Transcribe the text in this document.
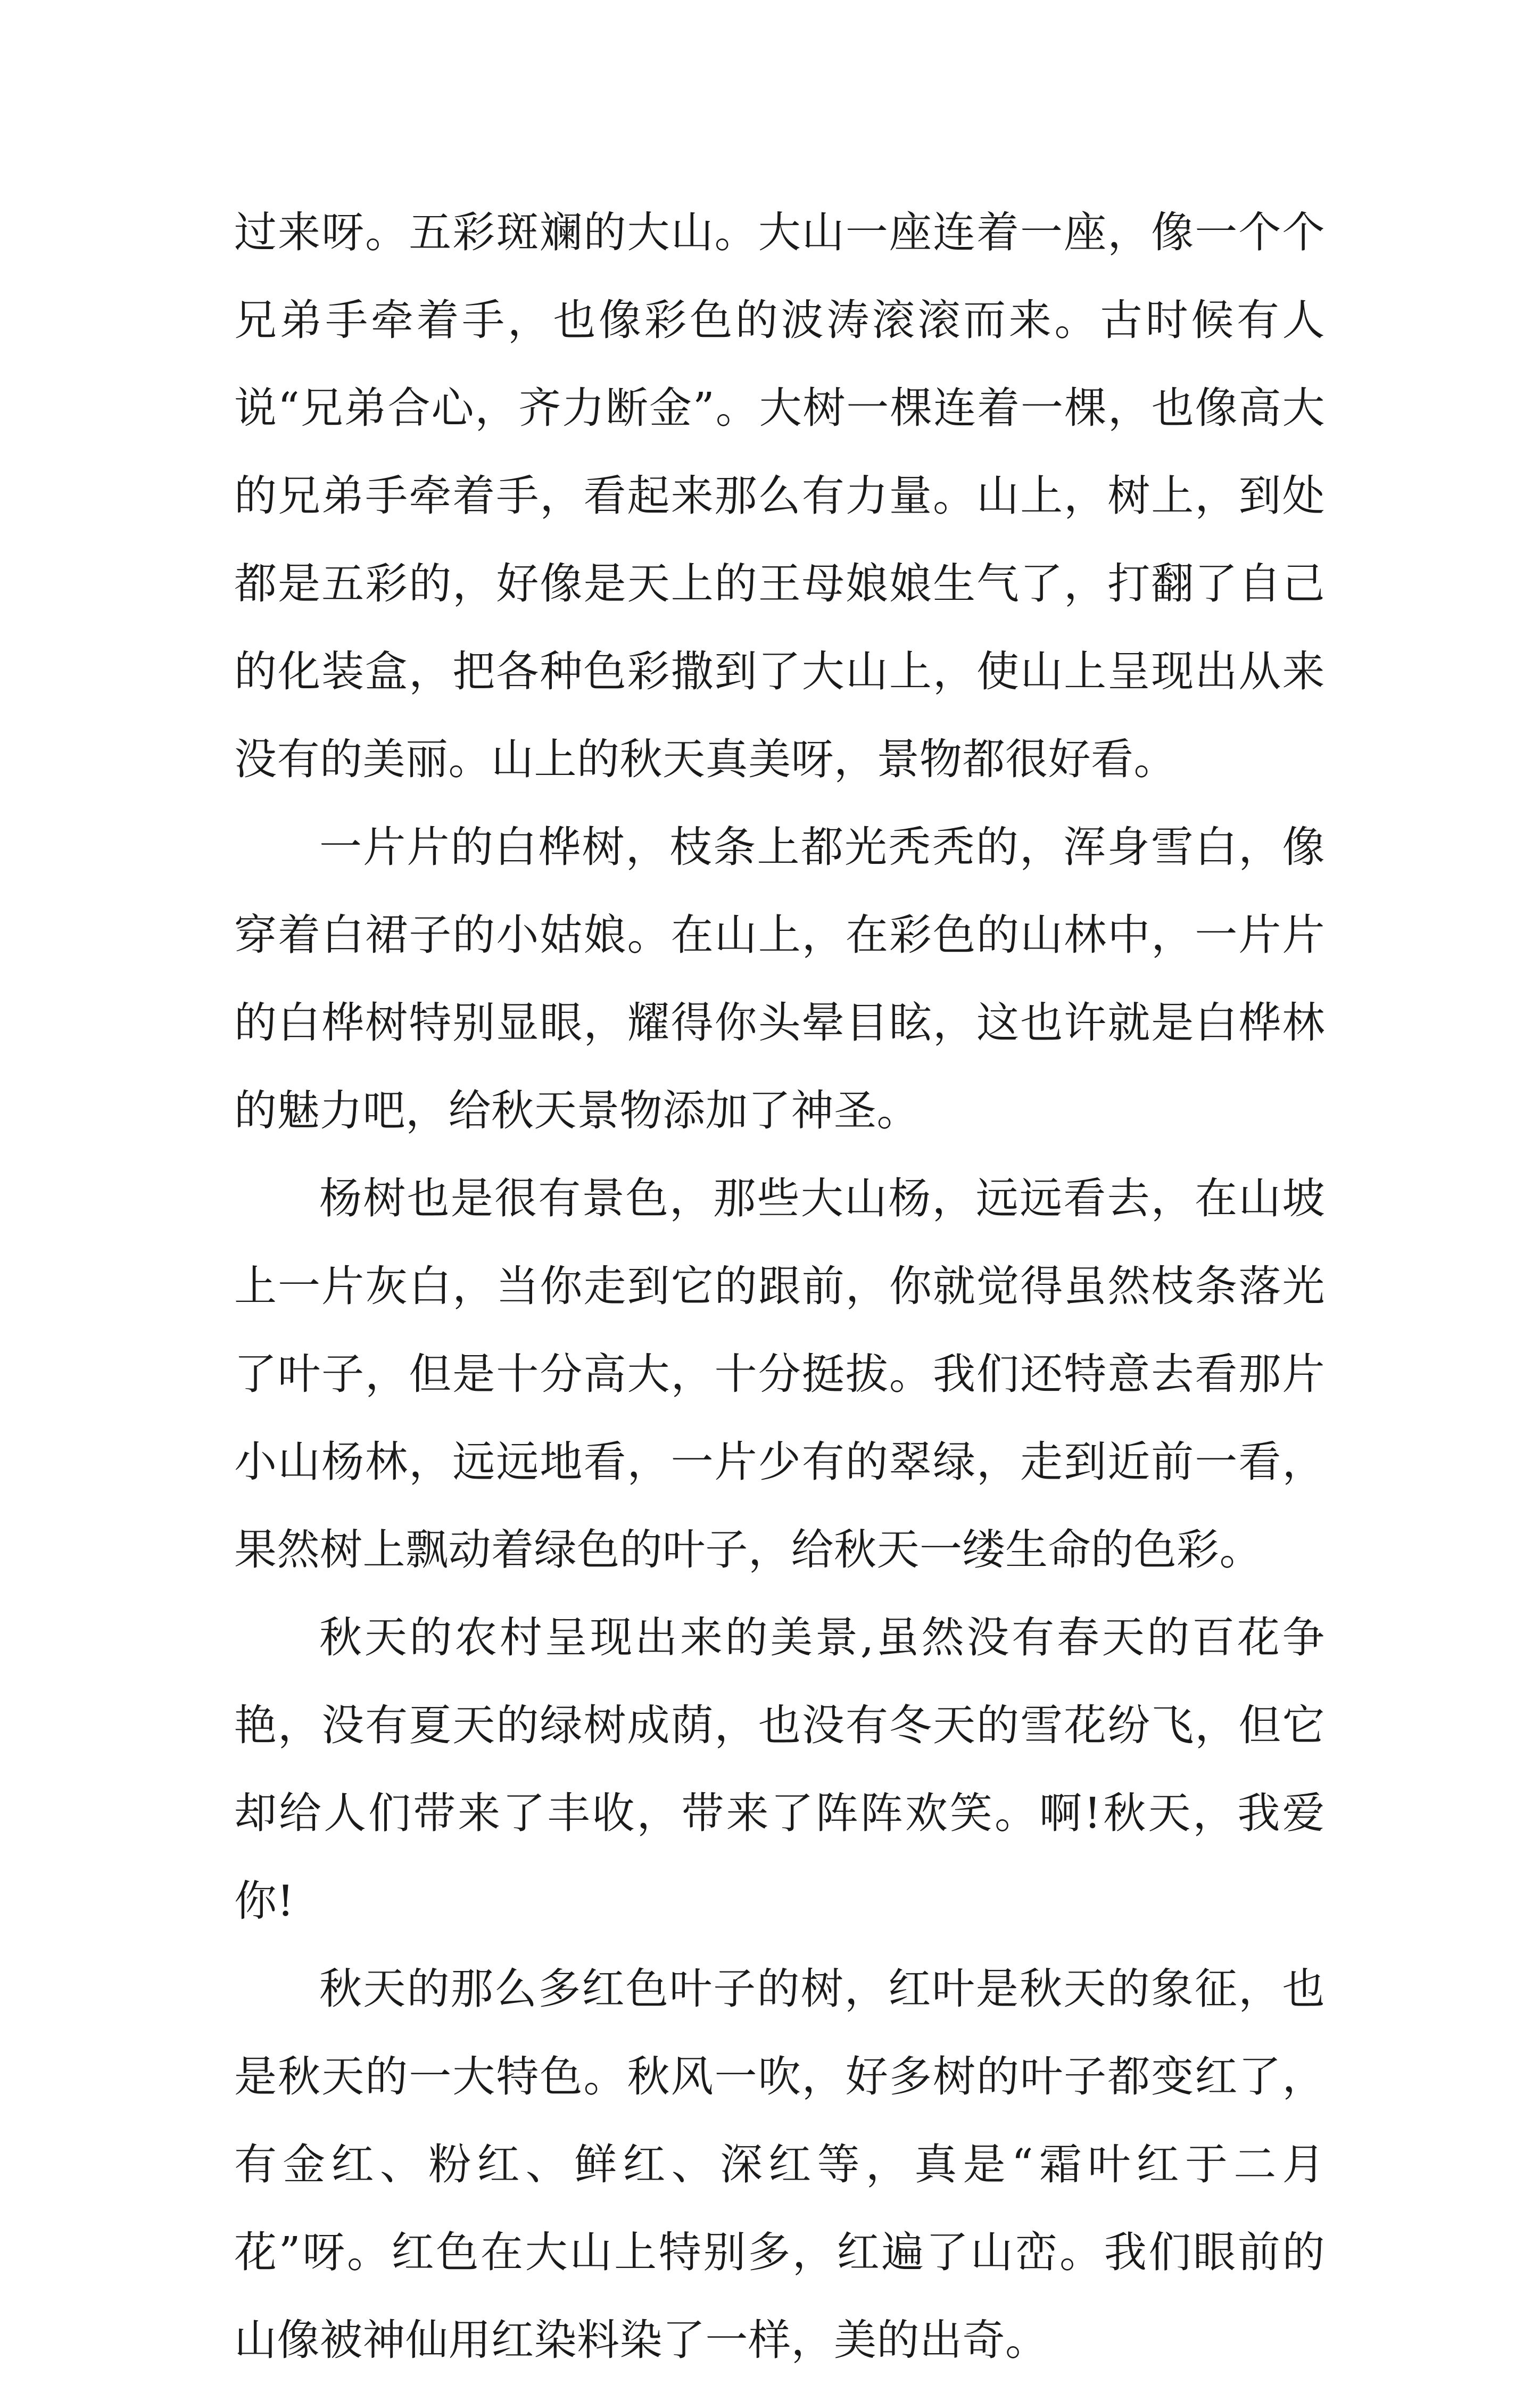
过来呀。五彩斑斓的大山。大山一座连着一座，像一个个兄弟手牵着手，也像彩色的波涛滚滚而来。古时候有人说“兄弟合心，齐力断金”。大树一棵连着一棵，也像高大的兄弟手牵着手，看起来那么有力量。山上，树上，到处都是五彩的，好像是天上的王母娘娘生气了，打翻了自己的化装盒，把各种色彩撒到了大山上，使山上呈现出从来没有的美丽。山上的秋天真美呀，景物都很好看。

一片片的白桦树，枝条上都光秃秃的，浑身雪白，像穿着白裙子的小姑娘。在山上，在彩色的山林中，一片片的白桦树特别显眼，耀得你头晕目眩，这也许就是白桦林的魅力吧，给秋天景物添加了神圣。

杨树也是很有景色，那些大山杨，远远看去，在山坡上一片灰白，当你走到它的跟前，你就觉得虽然枝条落光了叶子，但是十分高大，十分挺拔。我们还特意去看那片小山杨林，远远地看，一片少有的翠绿，走到近前一看，果然树上飘动着绿色的叶子，给秋天一缕生命的色彩。

秋天的农村呈现出来的美景,虽然没有春天的百花争艳，没有夏天的绿树成荫，也没有冬天的雪花纷飞，但它却给人们带来了丰收，带来了阵阵欢笑。啊!秋天，我爱你!

秋天的那么多红色叶子的树，红叶是秋天的象征，也是秋天的一大特色。秋风一吹，好多树的叶子都变红了，有金红、粉红、鲜红、深红等，真是“霜叶红于二月花”呀。红色在大山上特别多，红遍了山峦。我们眼前的山像被神仙用红染料染了一样，美的出奇。
